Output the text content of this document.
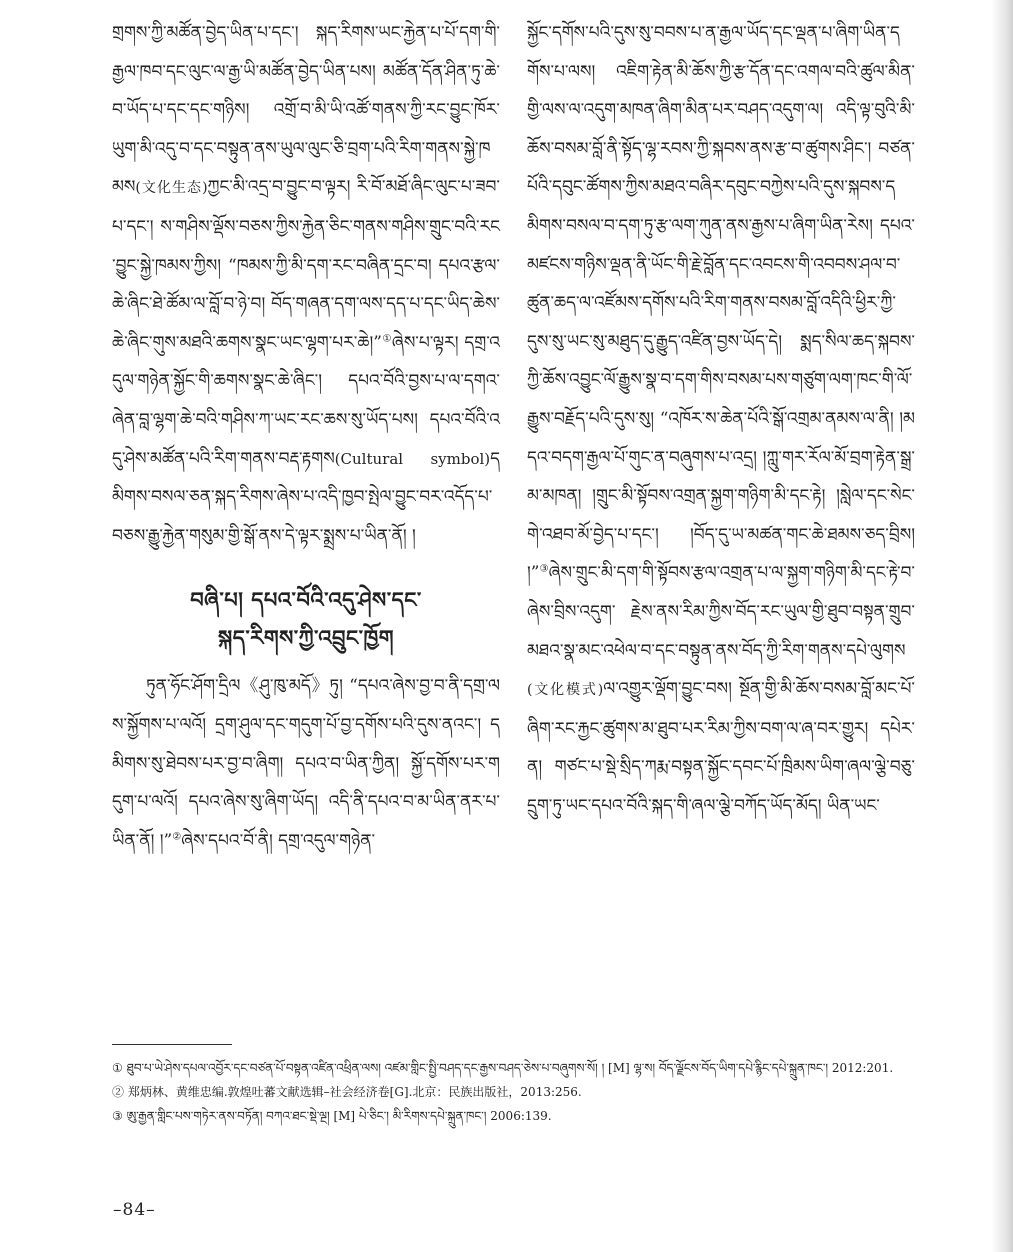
གྲགས་ཀྱི་མཚོན་བྱེད་ཡིན་པ་དང་། སྐད་རིགས་ཡང་རྐྱེན་པ་པོ་དག་གི་རྒྱལ་ཁབ་དང་ལུང་ལ་རྒྱ་ཡི་མཚོན་བྱེད་ཡིན་པས། མཚོན་དོན་ཤིན་ཏུ་ཆེ་བ་ཡོད་པ་དང་དང་གཉིས། འགྲོ་བ་མི་ཡི་འཚོ་གནས་ཀྱི་རང་བྱུང་ཁོར་ཡུག་མི་འདུ་བ་དང་བསྟུན་ནས་ཡུལ་ལུང་ཅི་བྲག་པའི་རིག་གནས་སྐྱེ་ཁམས(文化生态)ཀྱང་མི་འདྲ་བ་བྱུང་བ་ལྟར། རི་བོ་མཐོ་ཞིང་ལུང་པ་ཟབ་པ་དང་། ས་གཤིས་ལྡོས་བཅས་ཀྱིས་རྐྱེན་ཅིང་གནས་གཤིས་གྲུང་བའི་རང་བྱུང་སྐྱེ་ཁམས་ཀྱིས། “ཁམས་ཀྱི་མི་དག་རང་བཞིན་དྲང་བ། དཔའ་རྩལ་ཆེ་ཞིང་ཐེ་ཚོམ་ལ་བློ་བ་ཉེ་བ། བོད་གཞན་དག་ལས་དད་པ་དང་ཡིད་ཆེས་ཆེ་ཞིང་གུས་མཐའི་ཆགས་སྣང་ཡང་ལྷག་པར་ཆེ།”①ཞེས་པ་ལྟར། དགྲ་འདུལ་གཉེན་སྐྱོང་གི་ཆགས་སྣང་ཆེ་ཞིང་། དཔའ་བོའི་བྱས་པ་ལ་དགའ་ཞེན་བླ་ལྷག་ཆེ་བའི་གཤིས་ཀ་ཡང་རང་ཆས་སུ་ཡོད་པས། དཔའ་བོའི་འདུ་ཤེས་མཚོན་པའི་རིག་གནས་བརྡ་རྟགས(Cultural symbol)དམིགས་བསལ་ཅན་སྐད་རིགས་ཞེས་པ་འདི་ཁྱབ་སྤེལ་བྱུང་བར་འདོད་པ་བཅས་རྒྱུ་རྐྱེན་གསུམ་གྱི་སྒོ་ནས་དེ་ལྟར་སྨྲས་པ་ཡིན་ནོ། །

བཞི་པ། དཔའ་བོའི་འདུ་ཤེས་དང་
སྐད་རིགས་ཀྱི་འབྲུང་ཁྱོག

ཏུན་ཧོང་ཤོག་དྲིལ《ཤུ་ཁུ་མདོ》ཏུ། “དཔའ་ཞེས་བྱ་བ་ནི་དགྲ་ལས་སྐྱོགས་པ་ལའོ། དྲག་ཤུལ་དང་གདུག་པོ་བྱ་དགོས་པའི་དུས་ནའང་། དམིགས་སུ་ཐེབས་པར་བྱ་བ་ཞིག། དཔའ་བ་ཡིན་ཀྱིན། སྐྱོ་དགོས་པར་གདུག་པ་ལའོ། དཔའ་ཞེས་སུ་ཞིག་ཡོད། འདི་ནི་དཔའ་བ་མ་ཡིན་ནར་པ་ཡིན་ནོ། །”②ཞེས་དཔའ་བོ་ནི། དགྲ་འདུལ་གཉེན་

སྐྱོང་དགོས་པའི་དུས་སུ་བབས་པ་ན་རྒྱལ་ཡོད་དང་ལྡན་པ་ཞིག་ཡིན་དགོས་པ་ལས། འཇིག་རྟེན་མི་ཆོས་ཀྱི་རྩ་དོན་དང་འགལ་བའི་ཚུལ་མིན་གྱི་ལས་ལ་འདུག་མཁན་ཞིག་མིན་པར་བཤད་འདུག་ལ། འདི་ལྟ་བུའི་མི་ཆོས་བསམ་བློ་ནི་སྟོད་ལྷ་རབས་ཀྱི་སྐབས་ནས་རྩ་བ་ཚུགས་ཤིང་། བཙན་པོའི་དབུང་ཚོགས་ཀྱིས་མཐའ་བཞིར་དབུང་བཀྱེས་པའི་དུས་སྐབས་དམིགས་བསལ་བ་དག་ཏུ་རྩ་ལག་ཀུན་ནས་རྒྱས་པ་ཞིག་ཡིན་རེས། དཔའ་མཛངས་གཉིས་ལྡན་ནི་ཡོང་གི་རྗེ་བློན་དང་འབངས་གི་འབབས་ཤལ་བ་ཚུན་ཆད་ལ་འཛོམས་དགོས་པའི་རིག་གནས་བསམ་བློ་འདིའི་ཕྱིར་ཀྱི་དུས་སུ་ཡང་སུ་མཐུད་དུ་རྒྱུད་འཛིན་བྱས་ཡོད་དེ། སྨད་སིལ་ཆད་སྐབས་ཀྱི་ཆོས་འབྱུང་ལོ་རྒྱུས་སྣ་བ་དག་གིས་བསམ་པས་གཙུག་ལག་ཁང་གི་ལོ་རྒྱུས་བརྗོད་པའི་དུས་སུ། “འཁོར་ས་ཆེན་པོའི་སྒོ་འགྲམ་ནམས་ལ་ནི། །མདའ་བདག་རྒྱལ་པོ་གུང་ན་བཞུགས་པ་འདྲ། །ཀླུ་གར་རོལ་མོ་བྲག་རྟེན་སྒྲ་མ་མཁན། །གྲུང་མི་སྟོབས་འགྲན་སྐྱག་གཉིག་མི་དང་རྟེ། །སླེལ་དང་སེང་གེ་འཐབ་མོ་བྱེད་པ་དང་། །བོད་དུ་ཡ་མཚན་གང་ཆེ་ཐམས་ཅད་བྲིས། །”③ཞེས་གྲུང་མི་དག་གི་སྟོབས་རྩལ་འགྲན་པ་ལ་སྐྱག་གཉིག་མི་དང་རྟེ་བ་ཞེས་བྲིས་འདུག་ རྗེས་ནས་རིམ་ཀྱིས་བོད་རང་ཡུལ་གྱི་ཐུབ་བསྟན་གྲུབ་མཐའ་སྣ་མང་འཕེལ་བ་དང་བསྟུན་ནས་བོད་ཀྱི་རིག་གནས་དཔེ་ལུགས(文化模式)ལ་འགྱུར་ལྡོག་བྱུང་བས། སྔོན་གྱི་མི་ཆོས་བསམ་བློ་མང་པོ་ཞིག་རང་རྐྱང་ཚུགས་མ་ཐུབ་པར་རིམ་ཀྱིས་བག་ལ་ཞ་བར་གྱུར། དཔེར་ན། གཙང་པ་སྡེ་སྲིད་ཀརྨ་བསྟན་སྐྱོང་དབང་པོ་ཁྲིམས་ཡིག་ཞལ་ལྕེ་བཅུ་དྲུག་ཏུ་ཡང་དཔའ་བོའི་སྐད་གི་ཞལ་ལྕེ་བཀོད་ཡོད་མོད། ཡིན་ཡང་

① ཐུབ་པ་ཡེ་ཤེས་དཔལ་འབྱོར་དང་བཙན་པོ་བསྟན་འཛིན་འཕྲིན་ལས། འཛམ་གླིང་སྤྱི་བཤད་དང་རྒྱས་བཤད་ཅེས་པ་བཞུགས་སོ། ། [M] ལྷ་ས། བོད་ལྗོངས་བོད་ཡིག་དཔེ་རྙིང་དཔེ་སྐྲུན་ཁང་། 2012:201.

② 郑炳林、黄维忠编.敦煌吐蕃文献选辑–社会经济卷[G].北京：民族出版社，2013:256.

③ ཨུ་རྒྱན་གླིང་པས་གཏེར་ནས་བཏོན། བཀའ་ཐང་སྡེ་ལྔ། [M] པེ་ཅིང་། མི་རིགས་དཔེ་སྐྲུན་ཁང་། 2006:139.

–84–
